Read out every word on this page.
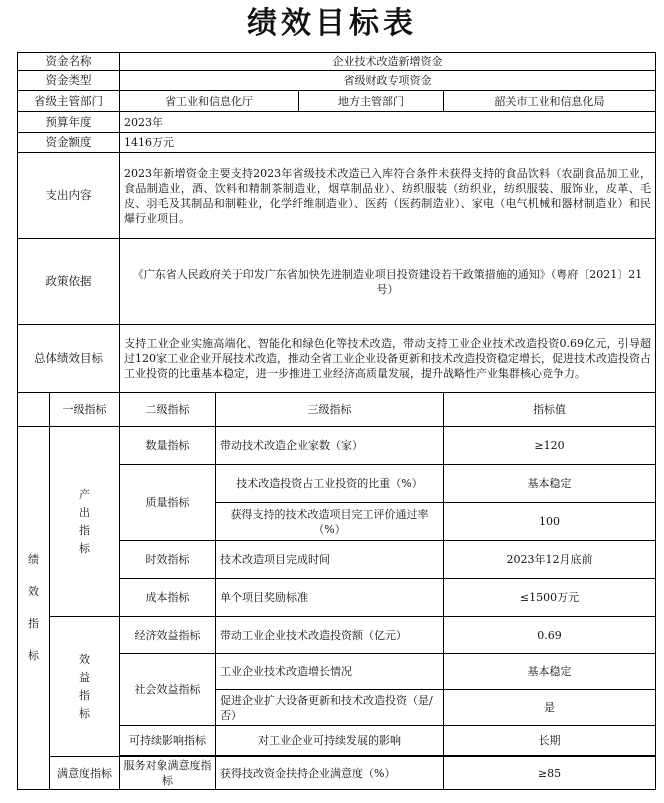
绩效目标表
资金名称		企业技术改造新增资金		
资金类型		省级财政专项资金		
省级主管部门		省工业和信息化厅 地方主管部门		韶关市工业和信息化局
预算年度		2023年		
资金额度		1416万元		
支出内容		2023年新增资金主要支持2023年省级技术改造已入库符合条件未获得支持的食品饮料（农副食品加工业，食品制造业，酒、饮料和精制茶制造业，烟草制品业）、纺织服装（纺织业，纺织服装、服饰业，皮革、毛皮、羽毛及其制品和制鞋业，化学纤维制造业）、医药（医药制造业）、家电（电气机械和器材制造业）和民爆行业项目。		
政策依据		《广东省人民政府关于印发广东省加快先进制造业项目投资建设若干政策措施的通知》（粤府〔2021〕21号）		
总体绩效目标		支持工业企业实施高端化、智能化和绿色化等技术改造，带动支持工业企业技术改造投资0.69亿元，引导超过120家工业企业开展技术改造，推动全省工业企业设备更新和技术改造投资稳定增长，促进技术改造投资占工业投资的比重基本稳定，进一步推进工业经济高质量发展，提升战略性产业集群核心竞争力。		
	一级指标	二级指标	三级指标	指标值
绩效指标	产出指标	数量指标	带动技术改造企业家数（家）	≥120
		质量指标	技术改造投资占工业投资的比重（%）	基本稳定
			获得支持的技术改造项目完工评价通过率（%）	100
		时效指标	技术改造项目完成时间	2023年12月底前
		成本指标	单个项目奖励标准	≤1500万元
	效益指标	经济效益指标	带动工业企业技术改造投资额（亿元）	0.69
		社会效益指标	工业企业技术改造增长情况	基本稳定
			促进企业扩大设备更新和技术改造投资（是/否）	是
		可持续影响指标	对工业企业可持续发展的影响	长期

	满意度指标	服务对象满意度指标	获得技改资金扶持企业满意度（%）	≥85
